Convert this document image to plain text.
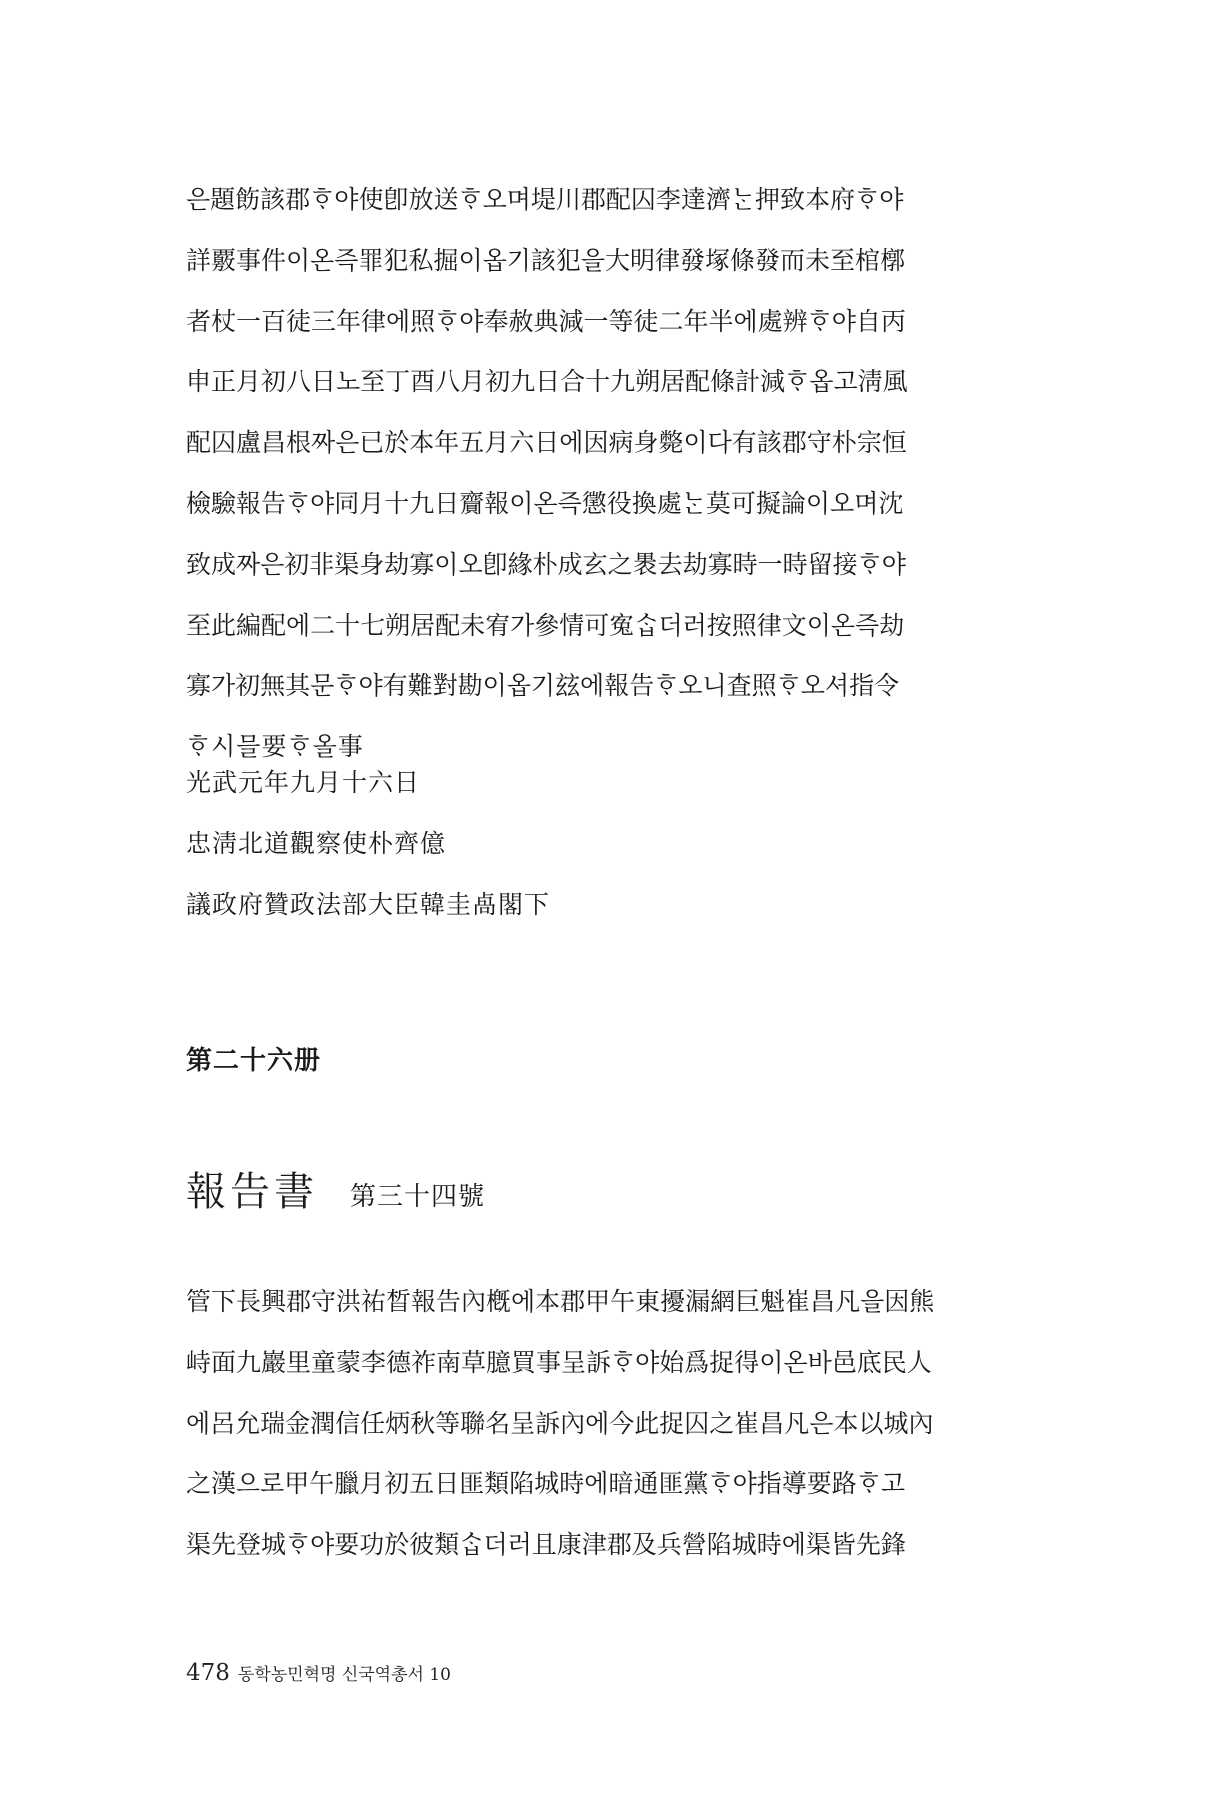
은題飭該郡ᄒᆞ야使卽放送ᄒᆞ오며堤川郡配囚李達濟ᄂᆞᆫ押致本府ᄒᆞ야
詳覈事件이온즉罪犯私掘이옵기該犯을大明律發塚條發而未至棺槨
者杖一百徒三年律에照ᄒᆞ야奉赦典減一等徒二年半에處辨ᄒᆞ야自丙
申正月初八日노至丁酉八月初九日合十九朔居配條計減ᄒᆞ옵고淸風
配囚盧昌根짜은已於本年五月六日에因病身斃이다有該郡守朴宗恒
檢驗報告ᄒᆞ야同月十九日齎報이온즉懲役換處ᄂᆞᆫ莫可擬論이오며沈
致成짜은初非渠身劫寡이오卽緣朴成玄之褁去劫寡時一時留接ᄒᆞ야
至此編配에二十七朔居配未宥가參情可寃ᄉᆞᆸ더러按照律文이온즉劫
寡가初無其문ᄒᆞ야有難對勘이옵기玆에報告ᄒᆞ오니査照ᄒᆞ오셔指令
ᄒᆞ시믈要ᄒᆞ올事
光武元年九月十六日
忠淸北道觀察使朴齊億
議政府贊政法部大臣韓圭卨閣下
第二十六册
報告書 第三十四號
管下長興郡守洪祐晳報告內槪에本郡甲午東擾漏網巨魁崔昌凡을因熊
峙面九巖里童蒙李德祚南草臆買事呈訴ᄒᆞ야始爲捉得이온바邑底民人
에呂允瑞金潤信任炳秋等聯名呈訴內에今此捉囚之崔昌凡은本以城內
之漢으로甲午臘月初五日匪類陷城時에暗通匪黨ᄒᆞ야指導要路ᄒᆞ고
渠先登城ᄒᆞ야要功於彼類ᄉᆞᆸ더러且康津郡及兵營陷城時에渠皆先鋒
478 동학농민혁명 신국역총서 10
